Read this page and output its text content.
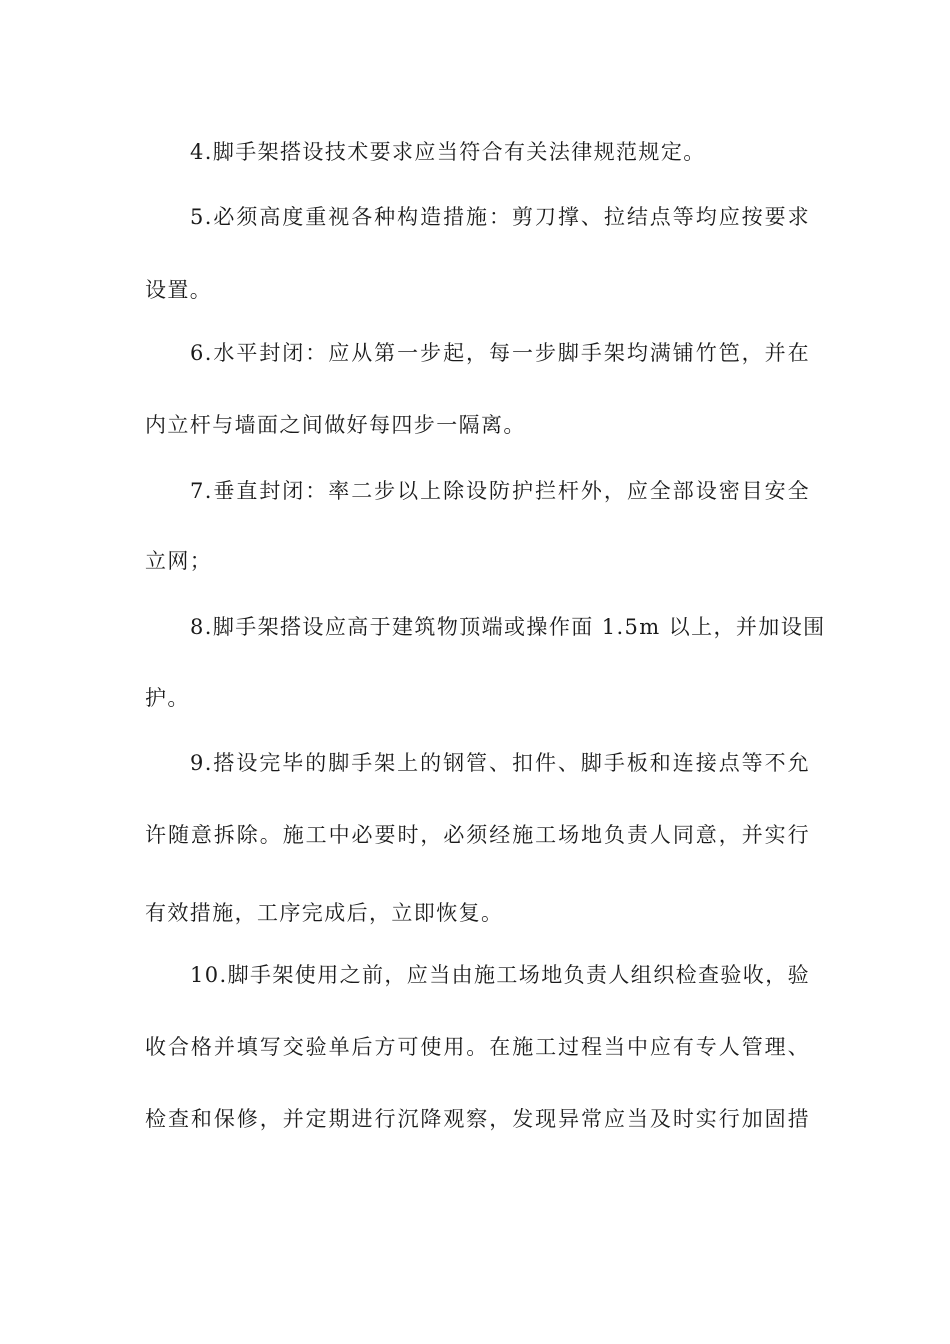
4.脚手架搭设技术要求应当符合有关法律规范规定。
5.必须高度重视各种构造措施：剪刀撑、拉结点等均应按要求
设置。
6.水平封闭：应从第一步起，每一步脚手架均满铺竹笆，并在
内立杆与墙面之间做好每四步一隔离。
7.垂直封闭：率二步以上除设防护拦杆外，应全部设密目安全
立网；
8.脚手架搭设应高于建筑物顶端或操作面 1.5m 以上，并加设围
护。
9.搭设完毕的脚手架上的钢管、扣件、脚手板和连接点等不允
许随意拆除。施工中必要时，必须经施工场地负责人同意，并实行
有效措施，工序完成后，立即恢复。
10.脚手架使用之前，应当由施工场地负责人组织检查验收，验
收合格并填写交验单后方可使用。在施工过程当中应有专人管理、
检查和保修，并定期进行沉降观察，发现异常应当及时实行加固措
